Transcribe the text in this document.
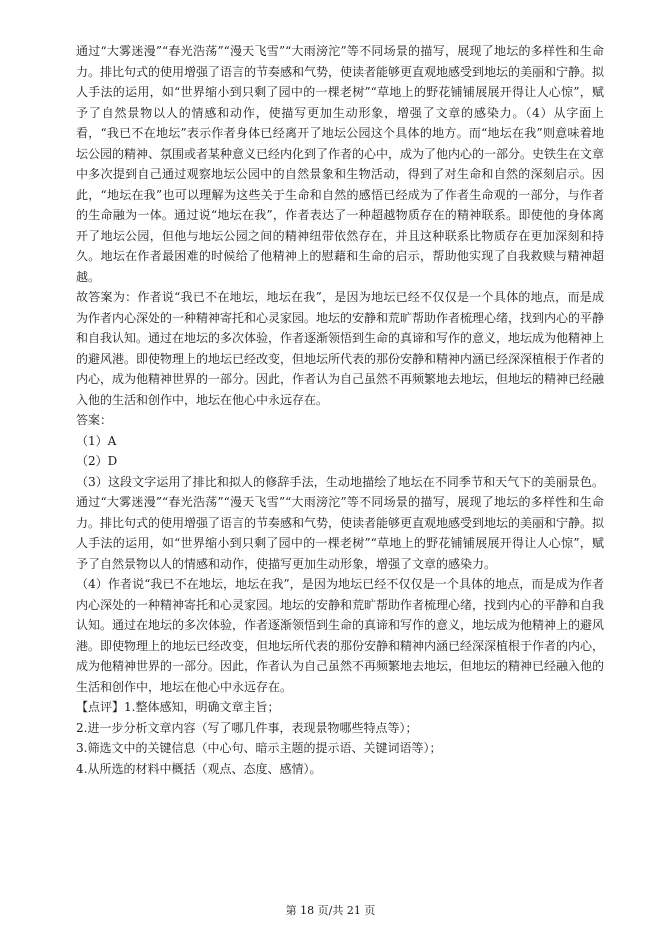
通过“大雾迷漫”“春光浩荡”“漫天飞雪”“大雨滂沱”等不同场景的描写，展现了地坛的多样性和生命力。排比句式的使用增强了语言的节奏感和气势，使读者能够更直观地感受到地坛的美丽和宁静。拟人手法的运用，如“世界缩小到只剩了园中的一棵老树”“草地上的野花铺铺展展开得让人心惊”，赋予了自然景物以人的情感和动作，使描写更加生动形象，增强了文章的感染力。（4）从字面上看，“我已不在地坛”表示作者身体已经离开了地坛公园这个具体的地方。而“地坛在我”则意味着地坛公园的精神、氛围或者某种意义已经内化到了作者的心中，成为了他内心的一部分。史铁生在文章中多次提到自己通过观察地坛公园中的自然景象和生物活动，得到了对生命和自然的深刻启示。因此，“地坛在我”也可以理解为这些关于生命和自然的感悟已经成为了作者生命观的一部分，与作者的生命融为一体。通过说“地坛在我”，作者表达了一种超越物质存在的精神联系。即使他的身体离开了地坛公园，但他与地坛公园之间的精神纽带依然存在，并且这种联系比物质存在更加深刻和持久。地坛在作者最困难的时候给了他精神上的慰藉和生命的启示，帮助他实现了自我救赎与精神超越。

故答案为：作者说“我已不在地坛，地坛在我”，是因为地坛已经不仅仅是一个具体的地点，而是成为作者内心深处的一种精神寄托和心灵家园。地坛的安静和荒旷帮助作者梳理心绪，找到内心的平静和自我认知。通过在地坛的多次体验，作者逐渐领悟到生命的真谛和写作的意义，地坛成为他精神上的避风港。即使物理上的地坛已经改变，但地坛所代表的那份安静和精神内涵已经深深植根于作者的内心，成为他精神世界的一部分。因此，作者认为自己虽然不再频繁地去地坛，但地坛的精神已经融入他的生活和创作中，地坛在他心中永远存在。

答案：

（1）A

（2）D

（3）这段文字运用了排比和拟人的修辞手法，生动地描绘了地坛在不同季节和天气下的美丽景色。通过“大雾迷漫”“春光浩荡”“漫天飞雪”“大雨滂沱”等不同场景的描写，展现了地坛的多样性和生命力。排比句式的使用增强了语言的节奏感和气势，使读者能够更直观地感受到地坛的美丽和宁静。拟人手法的运用，如“世界缩小到只剩了园中的一棵老树”“草地上的野花铺铺展展开得让人心惊”，赋予了自然景物以人的情感和动作，使描写更加生动形象，增强了文章的感染力。

（4）作者说“我已不在地坛，地坛在我”，是因为地坛已经不仅仅是一个具体的地点，而是成为作者内心深处的一种精神寄托和心灵家园。地坛的安静和荒旷帮助作者梳理心绪，找到内心的平静和自我认知。通过在地坛的多次体验，作者逐渐领悟到生命的真谛和写作的意义，地坛成为他精神上的避风港。即使物理上的地坛已经改变，但地坛所代表的那份安静和精神内涵已经深深植根于作者的内心，成为他精神世界的一部分。因此，作者认为自己虽然不再频繁地去地坛，但地坛的精神已经融入他的生活和创作中，地坛在他心中永远存在。

【点评】1.整体感知，明确文章主旨；

2.进一步分析文章内容（写了哪几件事，表现景物哪些特点等）；

3.筛选文中的关键信息（中心句、暗示主题的提示语、关键词语等）；

4.从所选的材料中概括（观点、态度、感情）。

第 18 页/共 21 页
